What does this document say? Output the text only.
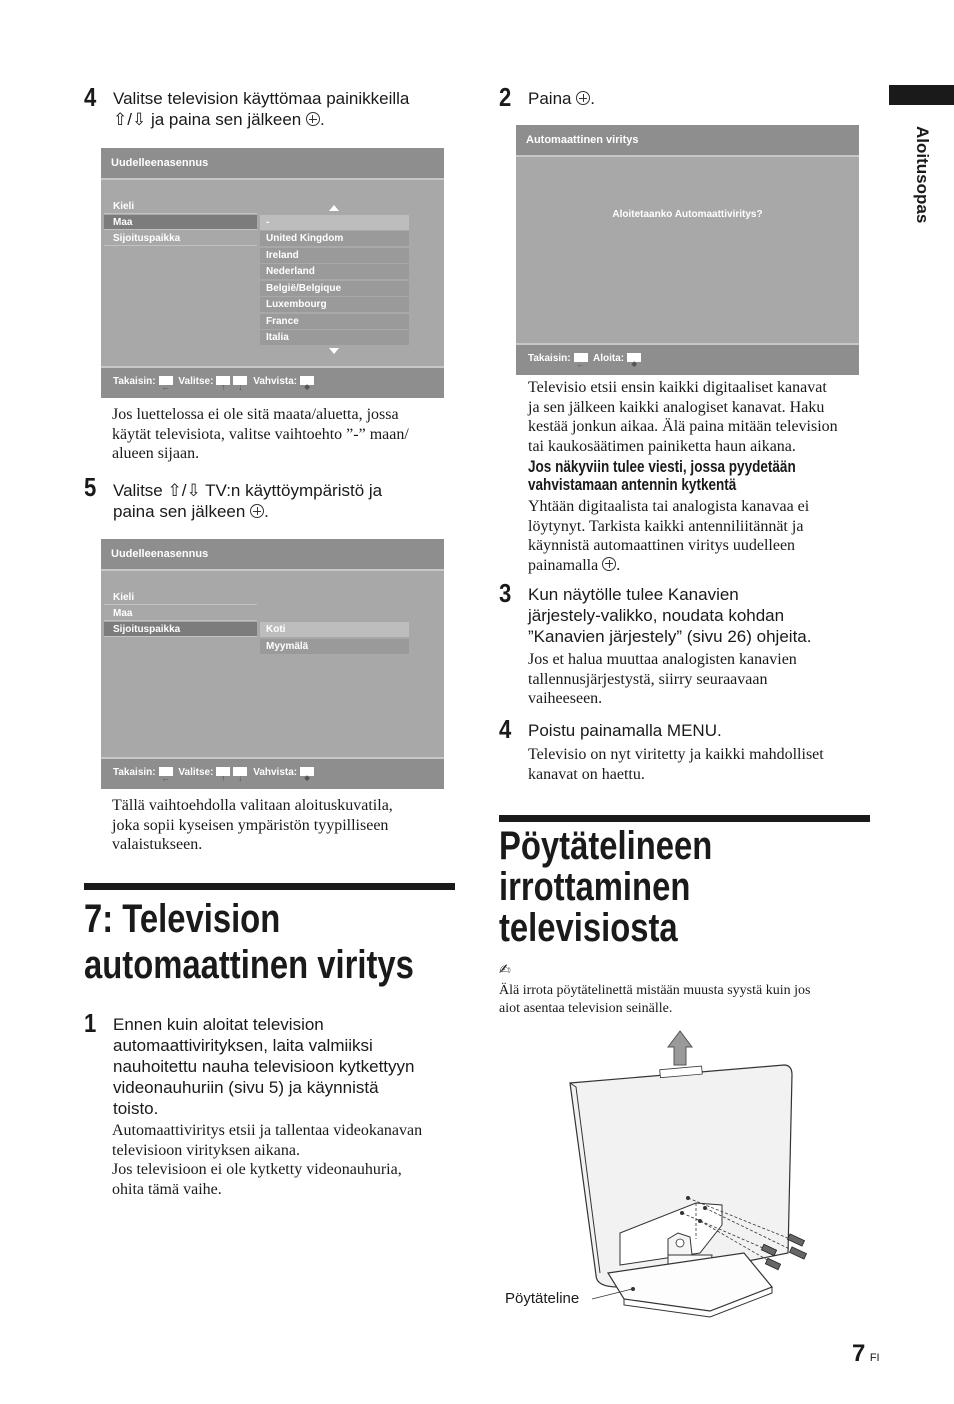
Aloitusopas
4 Valitse television käyttömaa painikkeilla
⇧/⇩ ja paina sen jälkeen .
Uudelleenasennus
Kieli
Maa
Sijoituspaikka
-
United Kingdom
Ireland
Nederland
België/Belgique
Luxembourg
France
Italia
Takaisin: ← Valitse: ↑ ↓	Vahvista:◆
Jos luettelossa ei ole sitä maata/aluetta, jossa
käytät televisiota, valitse vaihtoehto ”-” maan/
alueen sijaan.
5 Valitse ⇧/⇩ TV:n käyttöympäristö ja
paina sen jälkeen .
Uudelleenasennus
Kieli
Maa
Sijoituspaikka	Koti
Myymälä
Takaisin: ← Valitse: ↑ ↓	Vahvista:◆
Tällä vaihtoehdolla valitaan aloituskuvatila,
joka sopii kyseisen ympäristön tyypilliseen
valaistukseen.
7: Television
automaattinen viritys
1 Ennen kuin aloitat television
automaattivirityksen, laita valmiiksi
nauhoitettu nauha televisioon kytkettyyn
videonauhuriin (sivu 5) ja käynnistä
toisto.
Automaattiviritys etsii ja tallentaa videokanavan
televisioon virityksen aikana.
Jos televisioon ei ole kytketty videonauhuria,
ohita tämä vaihe.
2 Paina .
Automaattinen viritys
Aloitetaanko Automaattiviritys?
Takaisin: ← Aloita:◆
Televisio etsii ensin kaikki digitaaliset kanavat
ja sen jälkeen kaikki analogiset kanavat. Haku
kestää jonkun aikaa. Älä paina mitään television
tai kaukosäätimen painiketta haun aikana.
Jos näkyviin tulee viesti, jossa pyydetään
vahvistamaan antennin kytkentä
Yhtään digitaalista tai analogista kanavaa ei
löytynyt. Tarkista kaikki antenniliitännät ja
käynnistä automaattinen viritys uudelleen
painamalla .
3 Kun näytölle tulee Kanavien
järjestely-valikko, noudata kohdan
”Kanavien järjestely” (sivu 26) ohjeita.
Jos et halua muuttaa analogisten kanavien
tallennusjärjestystä, siirry seuraavaan
vaiheeseen.
4 Poistu painamalla MENU.
Televisio on nyt viritetty ja kaikki mahdolliset
kanavat on haettu.
Pöytätelineen
irrottaminen
televisiosta
✍
Älä irrota pöytätelinettä mistään muusta syystä kuin jos
aiot asentaa television seinälle.
Pöytäteline
7 FI
